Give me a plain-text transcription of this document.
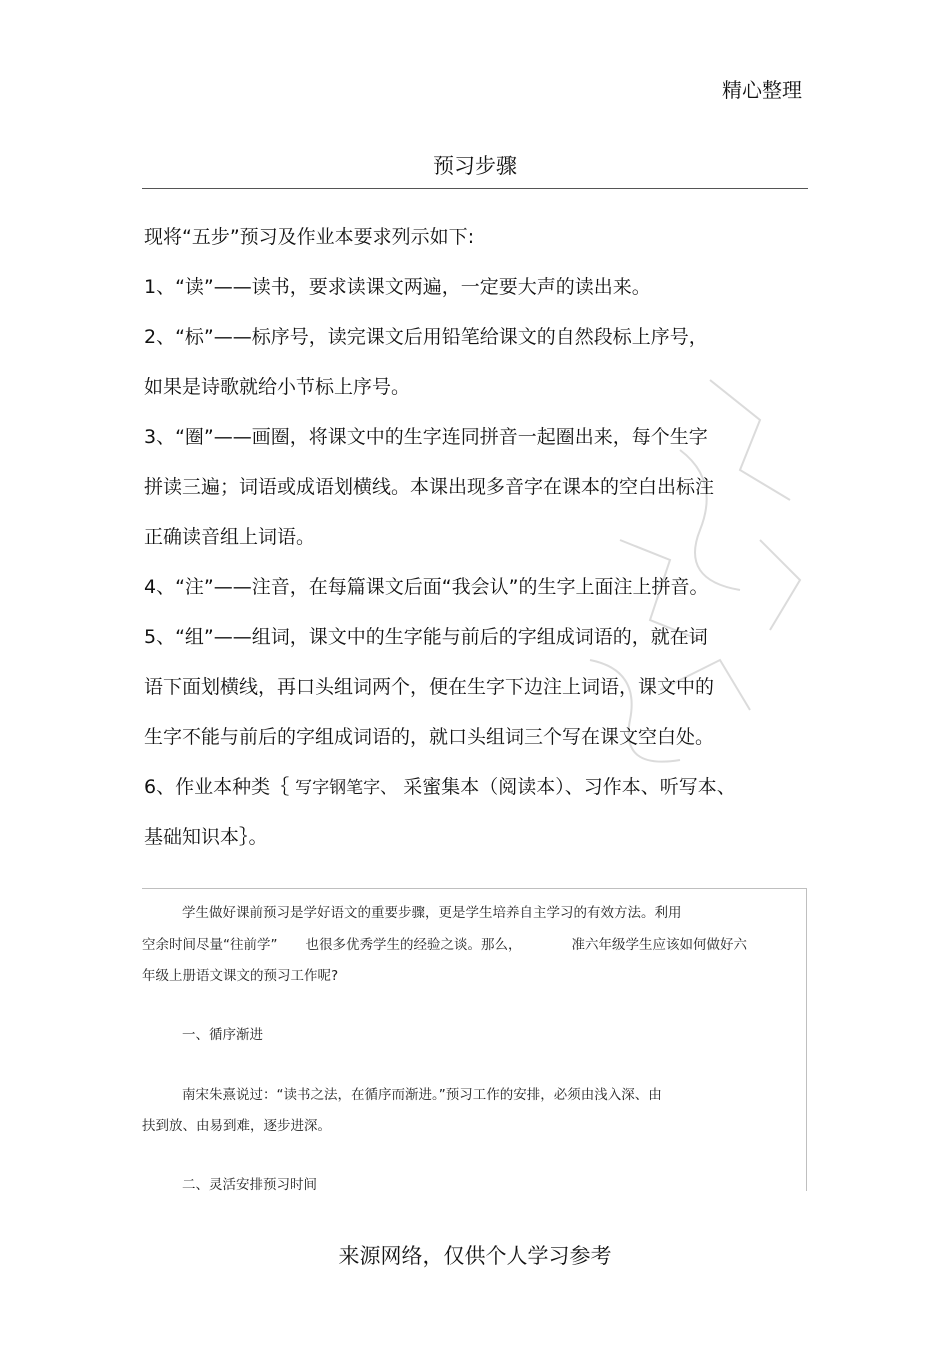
精心整理
预习步骤
现将“五步”预习及作业本要求列示如下:
1、“读”——读书，要求读课文两遍，一定要大声的读出来。
2、“标”——标序号，读完课文后用铅笔给课文的自然段标上序号，
如果是诗歌就给小节标上序号。
3、“圈”——画圈，将课文中的生字连同拼音一起圈出来，每个生字
拼读三遍；词语或成语划横线。本课出现多音字在课本的空白出标注
正确读音组上词语。
4、“注”——注音，在每篇课文后面“我会认”的生字上面注上拼音。
5、“组”——组词，课文中的生字能与前后的字组成词语的，就在词
语下面划横线，再口头组词两个，便在生字下边注上词语，课文中的
生字不能与前后的字组成词语的，就口头组词三个写在课文空白处。
6、作业本种类｛ 写字钢笔字、 采蜜集本（阅读本）、习作本、听写本、
基础知识本｝。
学生做好课前预习是学好语文的重要步骤，更是学生培养自主学习的有效方法。利用
空余时间尽量“往前学” 也很多优秀学生的经验之谈。那么，	准六年级学生应该如何做好六
年级上册语文课文的预习工作呢?
一、循序渐进
南宋朱熹说过：“读书之法，在循序而渐进。”预习工作的安排，必须由浅入深、由
扶到放、由易到难，逐步进深。
二、灵活安排预习时间
来源网络，仅供个人学习参考
